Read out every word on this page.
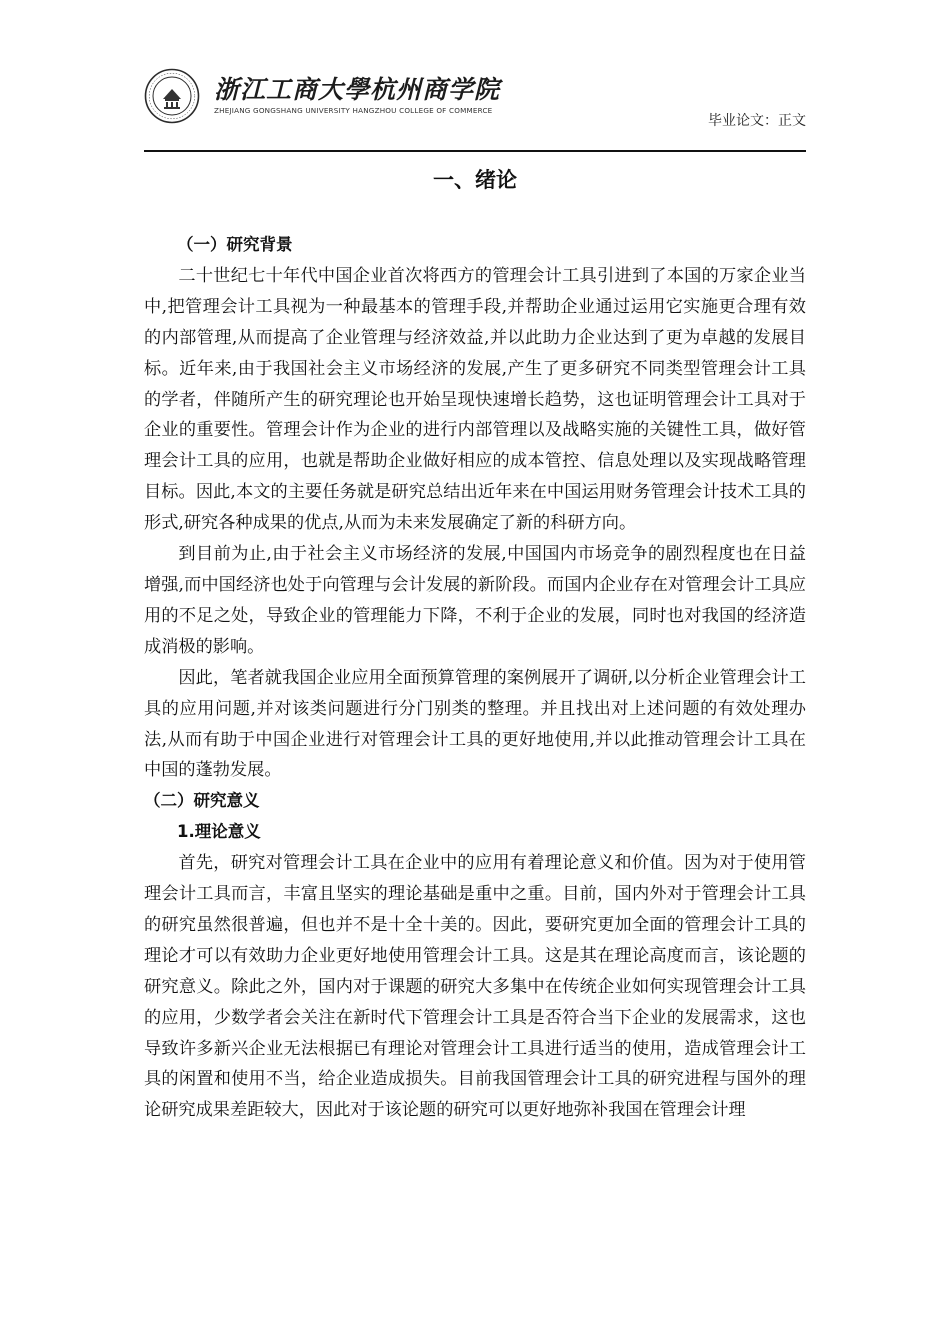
浙江工商大學杭州商学院
ZHEJIANG GONGSHANG UNIVERSITY HANGZHOU COLLEGE OF COMMERCE
毕业论文：正文
一、绪论
（一）研究背景

二十世纪七十年代中国企业首次将西方的管理会计工具引进到了本国的万家企业当中,把管理会计工具视为一种最基本的管理手段,并帮助企业通过运用它实施更合理有效的内部管理,从而提高了企业管理与经济效益,并以此助力企业达到了更为卓越的发展目标。近年来,由于我国社会主义市场经济的发展,产生了更多研究不同类型管理会计工具的学者，伴随所产生的研究理论也开始呈现快速增长趋势，这也证明管理会计工具对于企业的重要性。管理会计作为企业的进行内部管理以及战略实施的关键性工具，做好管理会计工具的应用，也就是帮助企业做好相应的成本管控、信息处理以及实现战略管理目标。因此,本文的主要任务就是研究总结出近年来在中国运用财务管理会计技术工具的形式,研究各种成果的优点,从而为未来发展确定了新的科研方向。

到目前为止,由于社会主义市场经济的发展,中国国内市场竞争的剧烈程度也在日益增强,而中国经济也处于向管理与会计发展的新阶段。而国内企业存在对管理会计工具应用的不足之处，导致企业的管理能力下降，不利于企业的发展，同时也对我国的经济造成消极的影响。

因此，笔者就我国企业应用全面预算管理的案例展开了调研,以分析企业管理会计工具的应用问题,并对该类问题进行分门别类的整理。并且找出对上述问题的有效处理办法,从而有助于中国企业进行对管理会计工具的更好地使用,并以此推动管理会计工具在中国的蓬勃发展。

（二）研究意义
1.理论意义

首先，研究对管理会计工具在企业中的应用有着理论意义和价值。因为对于使用管理会计工具而言，丰富且坚实的理论基础是重中之重。目前，国内外对于管理会计工具的研究虽然很普遍，但也并不是十全十美的。因此，要研究更加全面的管理会计工具的理论才可以有效助力企业更好地使用管理会计工具。这是其在理论高度而言，该论题的研究意义。除此之外，国内对于课题的研究大多集中在传统企业如何实现管理会计工具的应用，少数学者会关注在新时代下管理会计工具是否符合当下企业的发展需求，这也导致许多新兴企业无法根据已有理论对管理会计工具进行适当的使用，造成管理会计工具的闲置和使用不当，给企业造成损失。目前我国管理会计工具的研究进程与国外的理论研究成果差距较大，因此对于该论题的研究可以更好地弥补我国在管理会计理
